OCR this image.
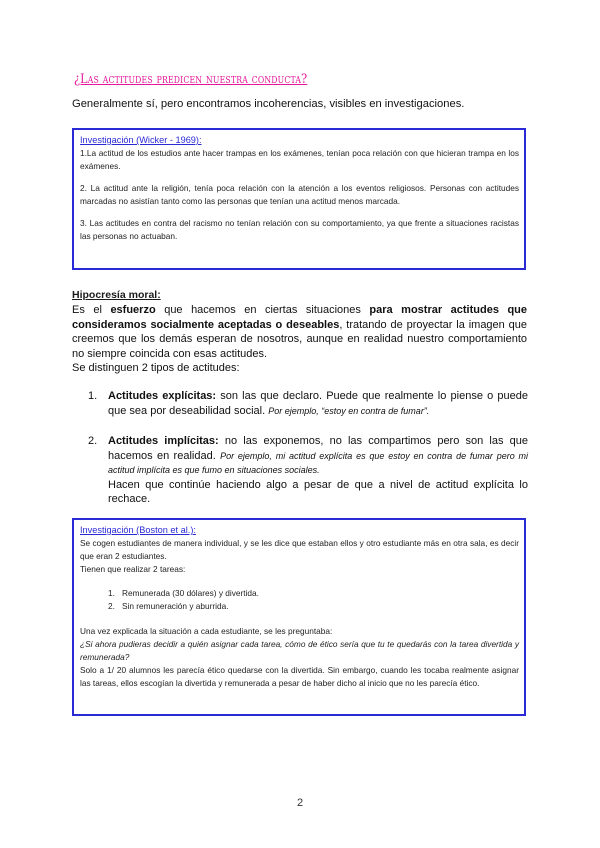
¿Las actitudes predicen nuestra conducta?
Generalmente sí, pero encontramos incoherencias, visibles en investigaciones.
Investigación (Wicker - 1969):

1.La actitud de los estudios ante hacer trampas en los exámenes, tenían poca relación con que hicieran trampa en los exámenes.

2. La actitud ante la religión, tenía poca relación con la atención a los eventos religiosos. Personas con actitudes marcadas no asistían tanto como las personas que tenían una actitud menos marcada.

3. Las actitudes en contra del racismo no tenían relación con su comportamiento, ya que frente a situaciones racistas las personas no actuaban.

Hipocresía moral:

Es el esfuerzo que hacemos en ciertas situaciones para mostrar actitudes que consideramos socialmente aceptadas o deseables, tratando de proyectar la imagen que creemos que los demás esperan de nosotros, aunque en realidad nuestro comportamiento no siempre coincida con esas actitudes.

Se distinguen 2 tipos de actitudes:

1. Actitudes explícitas: son las que declaro. Puede que realmente lo piense o puede que sea por deseabilidad social. Por ejemplo, “estoy en contra de fumar”.
2. Actitudes implícitas: no las exponemos, no las compartimos pero son las que hacemos en realidad. Por ejemplo, mi actitud explícita es que estoy en contra de fumar pero mi actitud implícita es que fumo en situaciones sociales.
Hacen que continúe haciendo algo a pesar de que a nivel de actitud explícita lo rechace.
Investigación (Boston et al.):

Se cogen estudiantes de manera individual, y se les dice que estaban ellos y otro estudiante más en otra sala, es decir que eran 2 estudiantes.

Tienen que realizar 2 tareas:

1. Remunerada (30 dólares) y divertida.
2. Sin remuneración y aburrida.

Una vez explicada la situación a cada estudiante, se les preguntaba:

¿Si ahora pudieras decidir a quién asignar cada tarea, cómo de ético sería que tu te quedarás con la tarea divertida y remunerada?

Solo a 1/ 20 alumnos les parecía ético quedarse con la divertida. Sin embargo, cuando les tocaba realmente asignar las tareas, ellos escogían la divertida y remunerada a pesar de haber dicho al inicio que no les parecía ético.

2
